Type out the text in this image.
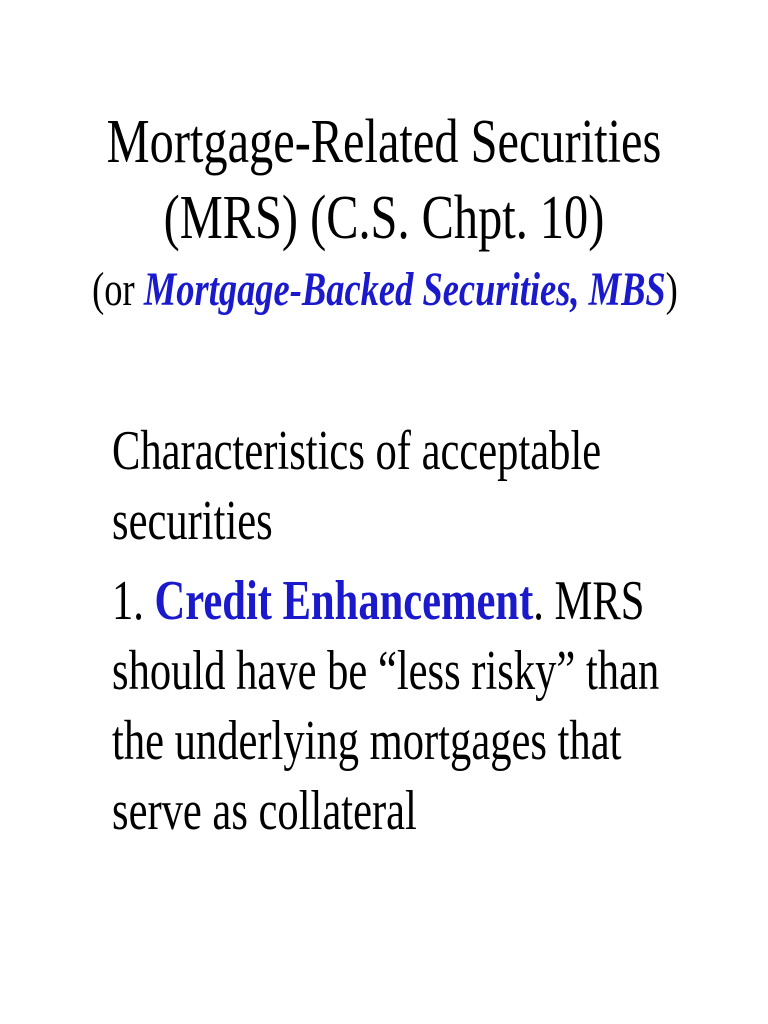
Mortgage-Related Securities
(MRS) (C.S. Chpt. 10)
(or Mortgage-Backed Securities, MBS)
Characteristics of acceptable
securities
1. Credit Enhancement. MRS
should have be “less risky” than
the underlying mortgages that
serve as collateral
